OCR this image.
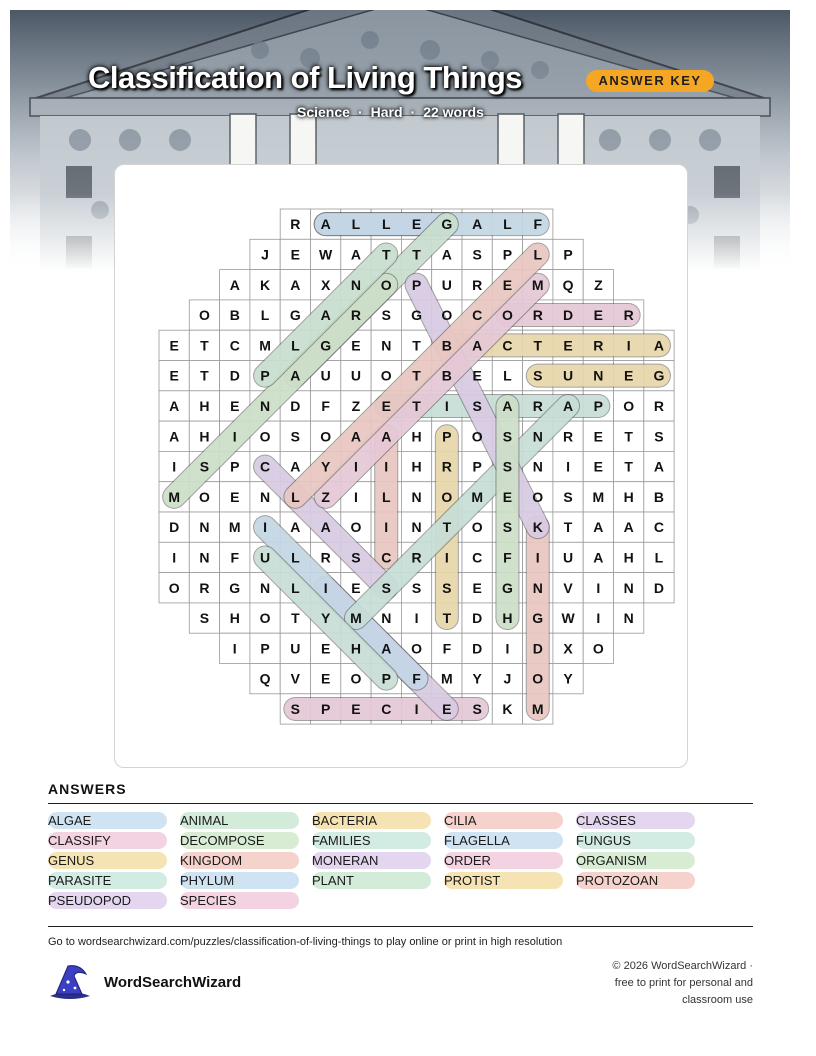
Classification of Living Things	ANSWER KEY
Science · Hard · 22 words
R A L L E G A L F
J E W A T T A S P L P
A K A X N O P U R E M Q Z
O B L G A R S G O C O R D E R
E T C M L G E N T B A C T E R I A
E T D P A U U O T B E L S U N E G
A H E N D F Z E T I S A R A P O R
A H I O S O A A H P O S N R E T S
I S P C A Y I I H R P S N I E T A
M O E N L Z I L N O M E O S M H B
D N M I A A O I N T O S K T A A C
I N F U L R S C R I C F I U A H L
O R G N L I E S S S E G N V I N D
S H O T Y M N I T D H G W I N
I P U E H A O F D I D X O
Q V E O P F M Y J O Y
S P E C I E S K M
ANSWERS
ALGAE	ANIMAL	BACTERIA	CILIA	CLASSES
CLASSIFY	DECOMPOSE	FAMILIES	FLAGELLA	FUNGUS
GENUS	KINGDOM	MONERAN	ORDER	ORGANISM
PARASITE	PHYLUM	PLANT	PROTIST	PROTOZOAN
PSEUDOPOD	SPECIES
Go to wordsearchwizard.com/puzzles/classification-of-living-things to play online or print in high resolution
WordSearchWizard
© 2026 WordSearchWizard ·
free to print for personal and
classroom use
